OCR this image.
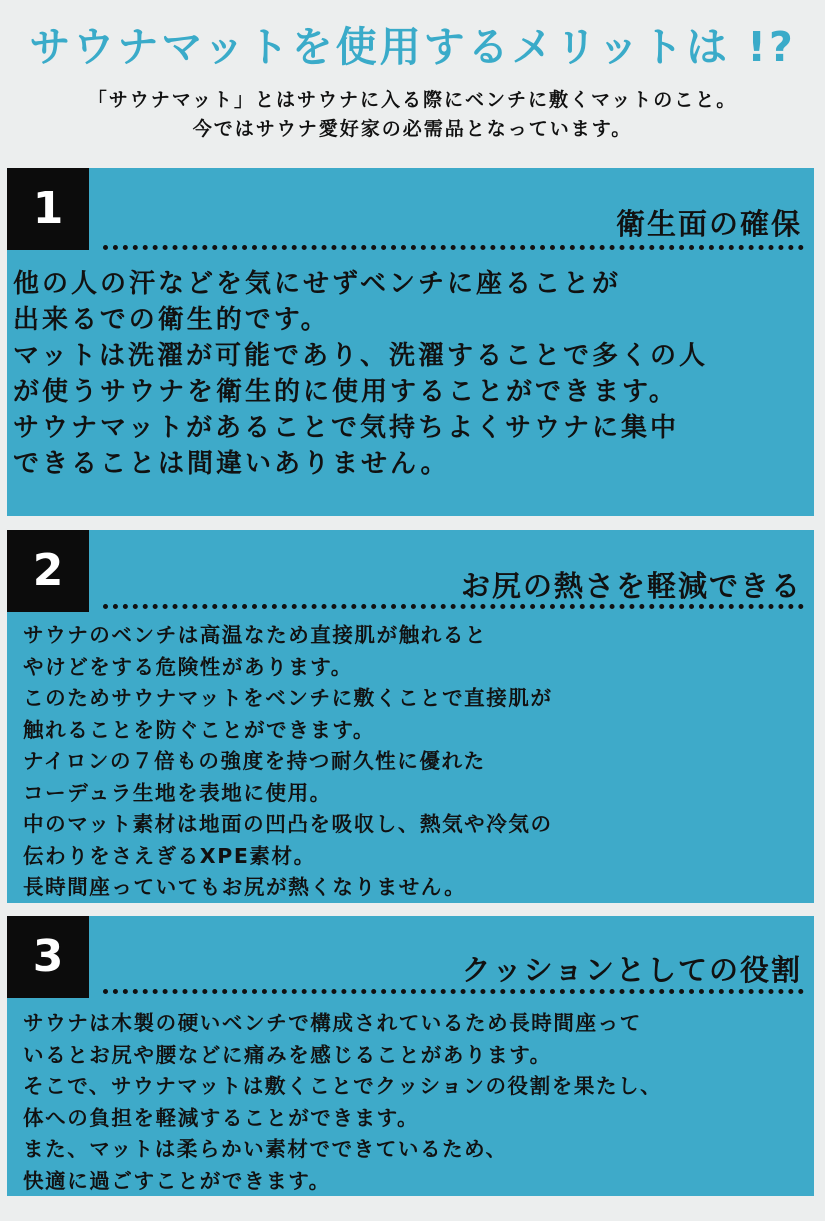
サウナマットを使用するメリットは !?
「サウナマット」とはサウナに入る際にベンチに敷くマットのこと。
今ではサウナ愛好家の必需品となっています。
1	衛生面の確保
他の人の汗などを気にせずベンチに座ることが
出来るでの衛生的です。
マットは洗濯が可能であり、洗濯することで多くの人
が使うサウナを衛生的に使用することができます。
サウナマットがあることで気持ちよくサウナに集中
できることは間違いありません。
2	お尻の熱さを軽減できる
サウナのベンチは高温なため直接肌が触れると
やけどをする危険性があります。
このためサウナマットをベンチに敷くことで直接肌が
触れることを防ぐことができます。
ナイロンの７倍もの強度を持つ耐久性に優れた
コーデュラ生地を表地に使用。
中のマット素材は地面の凹凸を吸収し、熱気や冷気の
伝わりをさえぎるXPE素材。
長時間座っていてもお尻が熱くなりません。
3	クッションとしての役割
サウナは木製の硬いベンチで構成されているため長時間座って
いるとお尻や腰などに痛みを感じることがあります。
そこで、サウナマットは敷くことでクッションの役割を果たし、
体への負担を軽減することができます。
また、マットは柔らかい素材でできているため、
快適に過ごすことができます。
